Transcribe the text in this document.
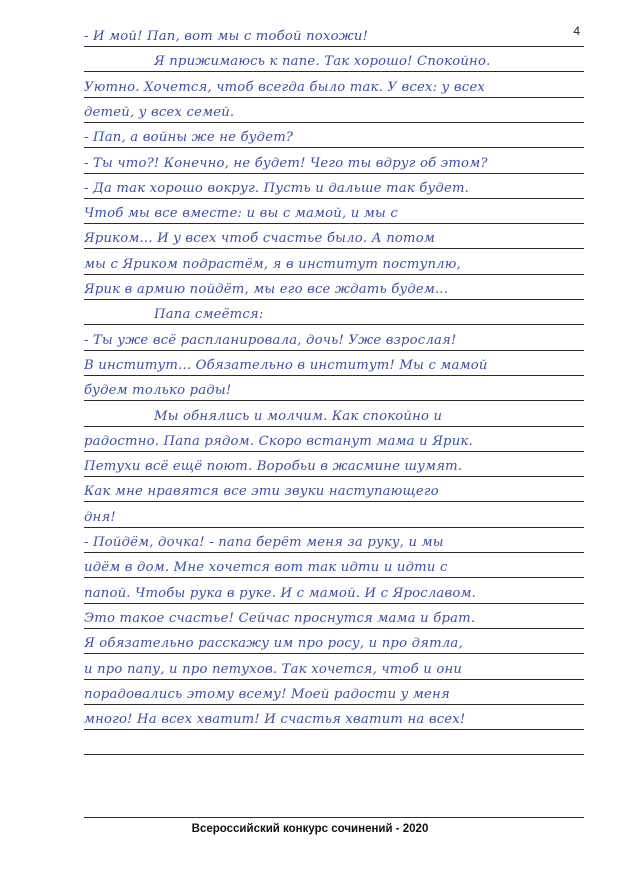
4
- И мой! Пап, вот мы с тобой похожи!
Я прижимаюсь к папе. Так хорошо! Спокойно.
Уютно. Хочется, чтоб всегда было так. У всех: у всех
детей, у всех семей.
- Пап, а войны же не будет?
- Ты что?! Конечно, не будет! Чего ты вдруг об этом?
- Да так хорошо вокруг. Пусть и дальше так будет.
Чтоб мы все вместе: и вы с мамой, и мы с
Яриком... И у всех чтоб счастье было. А потом
мы с Яриком подрастём, я в институт поступлю,
Ярик в армию пойдёт, мы его все ждать будем...
Папа смеётся:
- Ты уже всё распланировала, дочь! Уже взрослая!
В институт... Обязательно в институт! Мы с мамой
будем только рады!
Мы обнялись и молчим. Как спокойно и
радостно. Папа рядом. Скоро встанут мама и Ярик.
Петухи всё ещё поют. Воробьи в жасмине шумят.
Как мне нравятся все эти звуки наступающего
дня!
- Пойдём, дочка! - папа берёт меня за руку, и мы
идём в дом. Мне хочется вот так идти и идти с
папой. Чтобы рука в руке. И с мамой. И с Ярославом.
Это такое счастье! Сейчас проснутся мама и брат.
Я обязательно расскажу им про росу, и про дятла,
и про папу, и про петухов. Так хочется, чтоб и они
порадовались этому всему! Моей радости у меня
много! На всех хватит! И счастья хватит на всех!
Всероссийский конкурс сочинений - 2020
